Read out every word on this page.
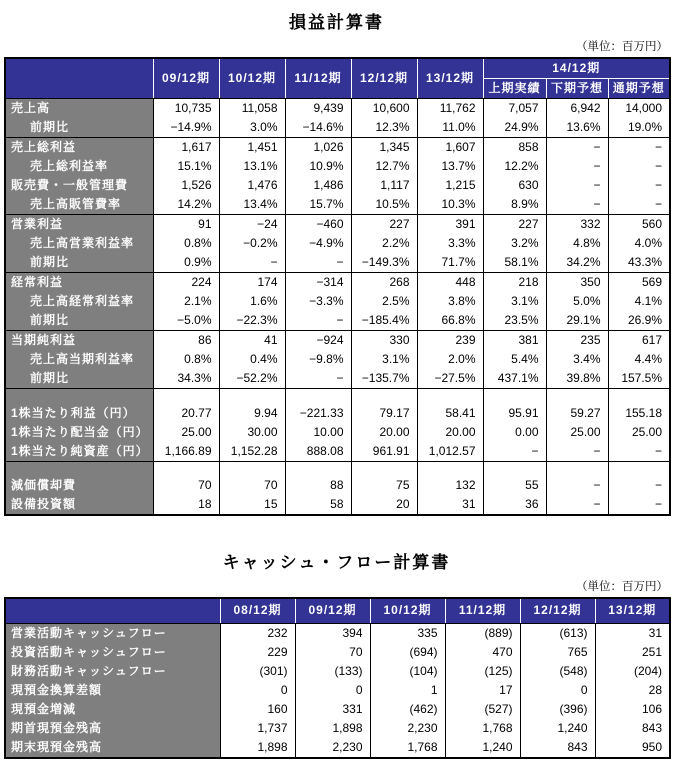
損益計算書
（単位：百万円）
	09/12期	10/12期	11/12期	12/12期	13/12期	14/12期		
						上期実績	下期予想	通期予想
売上高	10,735	11,058	9,439	10,600	11,762	7,057	6,942	14,000
前期比	−14.9%	3.0%	−14.6%	12.3%	11.0%	24.9%	13.6%	19.0%
売上総利益	1,617	1,451	1,026	1,345	1,607	858	−	−
売上総利益率	15.1%	13.1%	10.9%	12.7%	13.7%	12.2%	−	−
販売費・一般管理費	1,526	1,476	1,486	1,117	1,215	630	−	−
売上高販管費率	14.2%	13.4%	15.7%	10.5%	10.3%	8.9%	−	−
営業利益	91	−24	−460	227	391	227	332	560
売上高営業利益率	0.8%	−0.2%	−4.9%	2.2%	3.3%	3.2%	4.8%	4.0%
前期比	0.9%	−	−	−149.3%	71.7%	58.1%	34.2%	43.3%
経常利益	224	174	−314	268	448	218	350	569
売上高経常利益率	2.1%	1.6%	−3.3%	2.5%	3.8%	3.1%	5.0%	4.1%
前期比	−5.0%	−22.3%	−	−185.4%	66.8%	23.5%	29.1%	26.9%
当期純利益	86	41	−924	330	239	381	235	617
売上高当期利益率	0.8%	0.4%	−9.8%	3.1%	2.0%	5.4%	3.4%	4.4%
前期比	34.3%	−52.2%	−	−135.7%	−27.5%	437.1%	39.8%	157.5%

1株当たり利益（円）	20.77	9.94	−221.33	79.17	58.41	95.91	59.27	155.18
1株当たり配当金（円）	25.00	30.00	10.00	20.00	20.00	0.00	25.00	25.00
1株当たり純資産（円）	1,166.89	1,152.28	888.08	961.91	1,012.57	−	−	−

減価償却費	70	70	88	75	132	55	−	−
設備投資額	18	15	58	20	31	36	−	−
キャッシュ・フロー計算書
（単位：百万円）
	08/12期	09/12期	10/12期	11/12期	12/12期	13/12期
営業活動キャッシュフロー	232	394	335	(889)	(613)	31
投資活動キャッシュフロー	229	70	(694)	470	765	251
財務活動キャッシュフロー	(301)	(133)	(104)	(125)	(548)	(204)
現預金換算差額	0	0	1	17	0	28
現預金増減	160	331	(462)	(527)	(396)	106
期首現預金残高	1,737	1,898	2,230	1,768	1,240	843
期末現預金残高	1,898	2,230	1,768	1,240	843	950
